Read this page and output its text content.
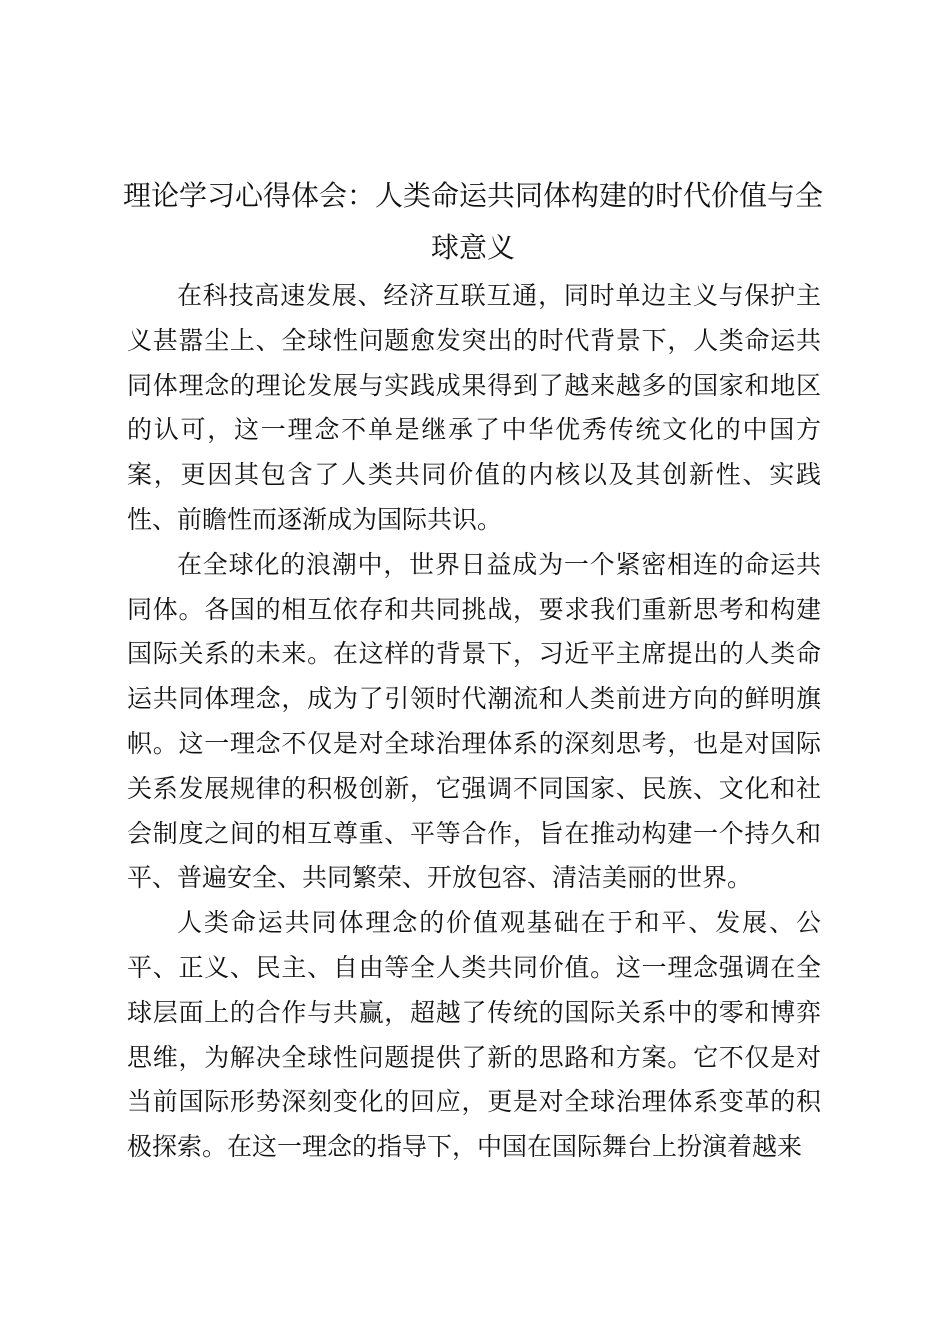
理论学习心得体会：人类命运共同体构建的时代价值与全球意义

在科技高速发展、经济互联互通，同时单边主义与保护主义甚嚣尘上、全球性问题愈发突出的时代背景下，人类命运共同体理念的理论发展与实践成果得到了越来越多的国家和地区的认可，这一理念不单是继承了中华优秀传统文化的中国方案，更因其包含了人类共同价值的内核以及其创新性、实践性、前瞻性而逐渐成为国际共识。

在全球化的浪潮中，世界日益成为一个紧密相连的命运共同体。各国的相互依存和共同挑战，要求我们重新思考和构建国际关系的未来。在这样的背景下，习近平主席提出的人类命运共同体理念，成为了引领时代潮流和人类前进方向的鲜明旗帜。这一理念不仅是对全球治理体系的深刻思考，也是对国际关系发展规律的积极创新，它强调不同国家、民族、文化和社会制度之间的相互尊重、平等合作，旨在推动构建一个持久和平、普遍安全、共同繁荣、开放包容、清洁美丽的世界。

人类命运共同体理念的价值观基础在于和平、发展、公平、正义、民主、自由等全人类共同价值。这一理念强调在全球层面上的合作与共赢，超越了传统的国际关系中的零和博弈思维，为解决全球性问题提供了新的思路和方案。它不仅是对当前国际形势深刻变化的回应，更是对全球治理体系变革的积极探索。在这一理念的指导下，中国在国际舞台上扮演着越来
